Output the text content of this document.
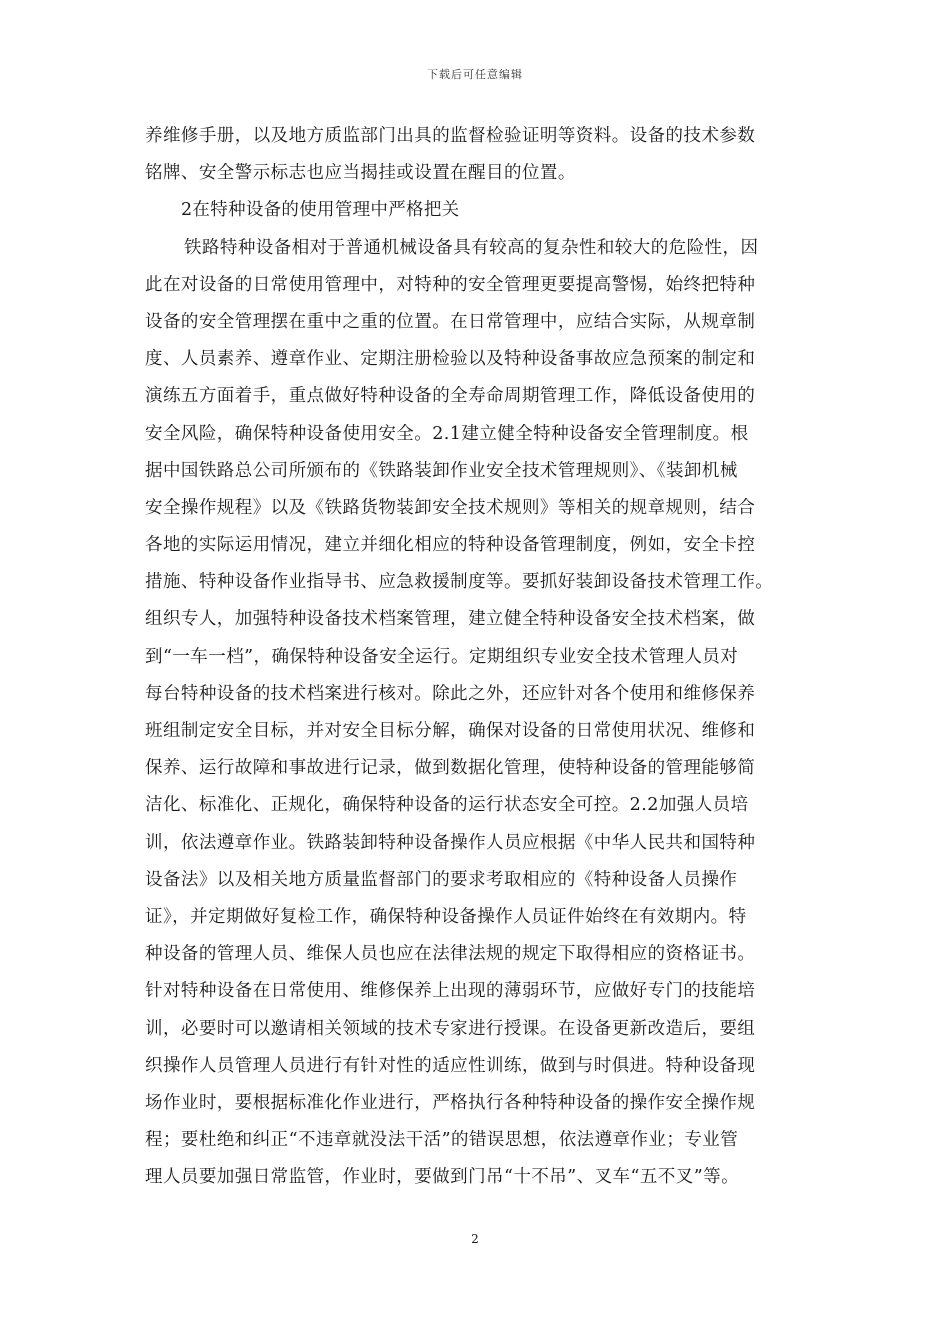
下载后可任意编辑
养维修手册，以及地方质监部门出具的监督检验证明等资料。设备的技术参数
铭牌、安全警示标志也应当揭挂或设置在醒目的位置。
2在特种设备的使用管理中严格把关
铁路特种设备相对于普通机械设备具有较高的复杂性和较大的危险性，因
此在对设备的日常使用管理中，对特种的安全管理更要提高警惕，始终把特种
设备的安全管理摆在重中之重的位置。在日常管理中，应结合实际，从规章制
度、人员素养、遵章作业、定期注册检验以及特种设备事故应急预案的制定和
演练五方面着手，重点做好特种设备的全寿命周期管理工作，降低设备使用的
安全风险，确保特种设备使用安全。2.1建立健全特种设备安全管理制度。根
据中国铁路总公司所颁布的《铁路装卸作业安全技术管理规则》、《装卸机械
安全操作规程》以及《铁路货物装卸安全技术规则》等相关的规章规则，结合
各地的实际运用情况，建立并细化相应的特种设备管理制度，例如，安全卡控
措施、特种设备作业指导书、应急救援制度等。要抓好装卸设备技术管理工作。
组织专人，加强特种设备技术档案管理，建立健全特种设备安全技术档案，做
到“一车一档”，确保特种设备安全运行。定期组织专业安全技术管理人员对
每台特种设备的技术档案进行核对。除此之外，还应针对各个使用和维修保养
班组制定安全目标，并对安全目标分解，确保对设备的日常使用状况、维修和
保养、运行故障和事故进行记录，做到数据化管理，使特种设备的管理能够简
洁化、标准化、正规化，确保特种设备的运行状态安全可控。2.2加强人员培
训，依法遵章作业。铁路装卸特种设备操作人员应根据《中华人民共和国特种
设备法》以及相关地方质量监督部门的要求考取相应的《特种设备人员操作
证》，并定期做好复检工作，确保特种设备操作人员证件始终在有效期内。特
种设备的管理人员、维保人员也应在法律法规的规定下取得相应的资格证书。
针对特种设备在日常使用、维修保养上出现的薄弱环节，应做好专门的技能培
训，必要时可以邀请相关领域的技术专家进行授课。在设备更新改造后，要组
织操作人员管理人员进行有针对性的适应性训练，做到与时俱进。特种设备现
场作业时，要根据标准化作业进行，严格执行各种特种设备的操作安全操作规
程；要杜绝和纠正“不违章就没法干活”的错误思想，依法遵章作业；专业管
理人员要加强日常监管，作业时，要做到门吊“十不吊”、叉车“五不叉”等。
2
